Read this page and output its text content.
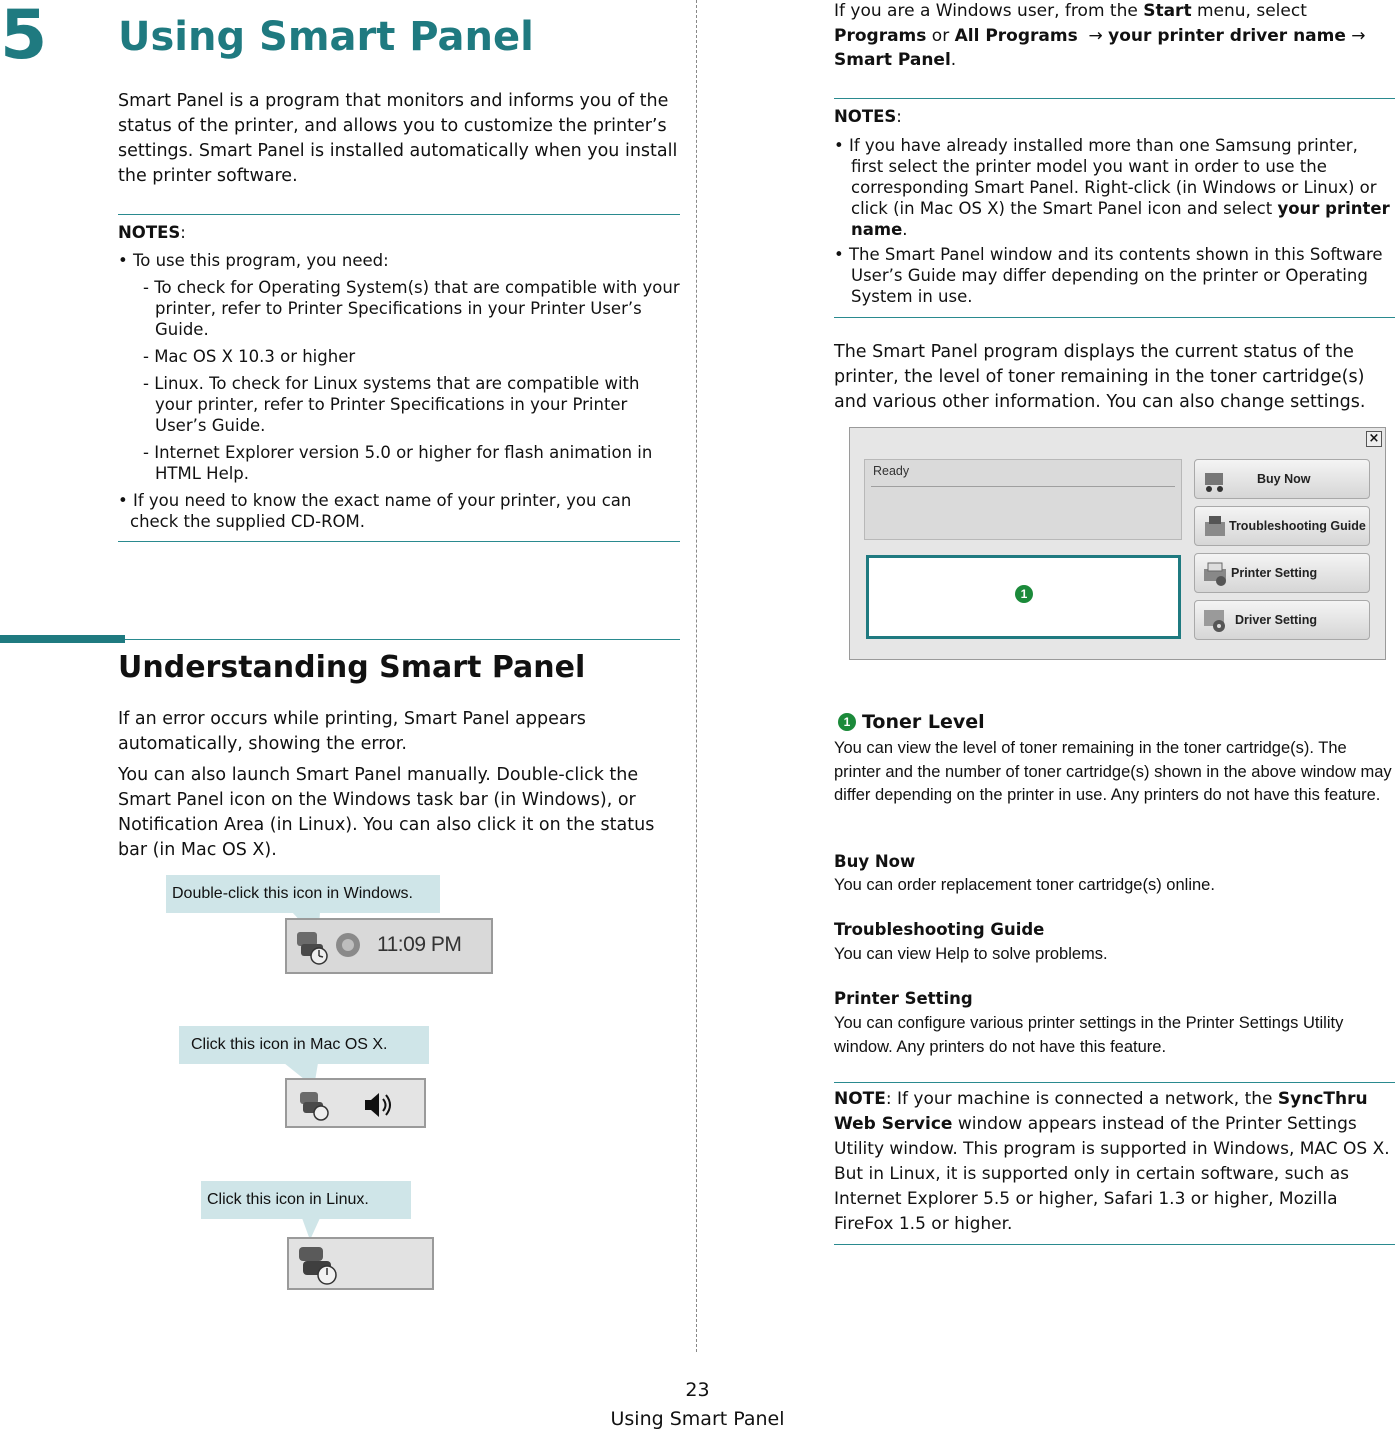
5 Using Smart Panel

Smart Panel is a program that monitors and informs you of the status of the printer, and allows you to customize the printer’s settings. Smart Panel is installed automatically when you install the printer software.

NOTES:
• To use this program, you need:
- To check for Operating System(s) that are compatible with your printer, refer to Printer Specifications in your Printer User’s Guide.
- Mac OS X 10.3 or higher
- Linux. To check for Linux systems that are compatible with your printer, refer to Printer Specifications in your Printer User’s Guide.
- Internet Explorer version 5.0 or higher for flash animation in HTML Help.
• If you need to know the exact name of your printer, you can check the supplied CD-ROM.
Understanding Smart Panel

If an error occurs while printing, Smart Panel appears automatically, showing the error.

You can also launch Smart Panel manually. Double-click the Smart Panel icon on the Windows task bar (in Windows), or Notification Area (in Linux). You can also click it on the status bar (in Mac OS X).

Double-click this icon in Windows.
11:09 PM
Click this icon in Mac OS X.
Click this icon in Linux.

If you are a Windows user, from the Start menu, select Programs or All Programs → your printer driver name → Smart Panel.

NOTES:
• If you have already installed more than one Samsung printer, first select the printer model you want in order to use the corresponding Smart Panel. Right-click (in Windows or Linux) or click (in Mac OS X) the Smart Panel icon and select your printer name.
• The Smart Panel window and its contents shown in this Software User’s Guide may differ depending on the printer or Operating System in use.

The Smart Panel program displays the current status of the printer, the level of toner remaining in the toner cartridge(s) and various other information. You can also change settings.

×
Ready
1
Buy Now
Troubleshooting Guide
Printer Setting
Driver Setting
1 Toner Level

You can view the level of toner remaining in the toner cartridge(s). The printer and the number of toner cartridge(s) shown in the above window may differ depending on the printer in use. Any printers do not have this feature.

Buy Now

You can order replacement toner cartridge(s) online.

Troubleshooting Guide

You can view Help to solve problems.

Printer Setting

You can configure various printer settings in the Printer Settings Utility window. Any printers do not have this feature.

NOTE: If your machine is connected a network, the SyncThru Web Service window appears instead of the Printer Settings Utility window. This program is supported in Windows, MAC OS X. But in Linux, it is supported only in certain software, such as Internet Explorer 5.5 or higher, Safari 1.3 or higher, Mozilla FireFox 1.5 or higher.

23
Using Smart Panel
